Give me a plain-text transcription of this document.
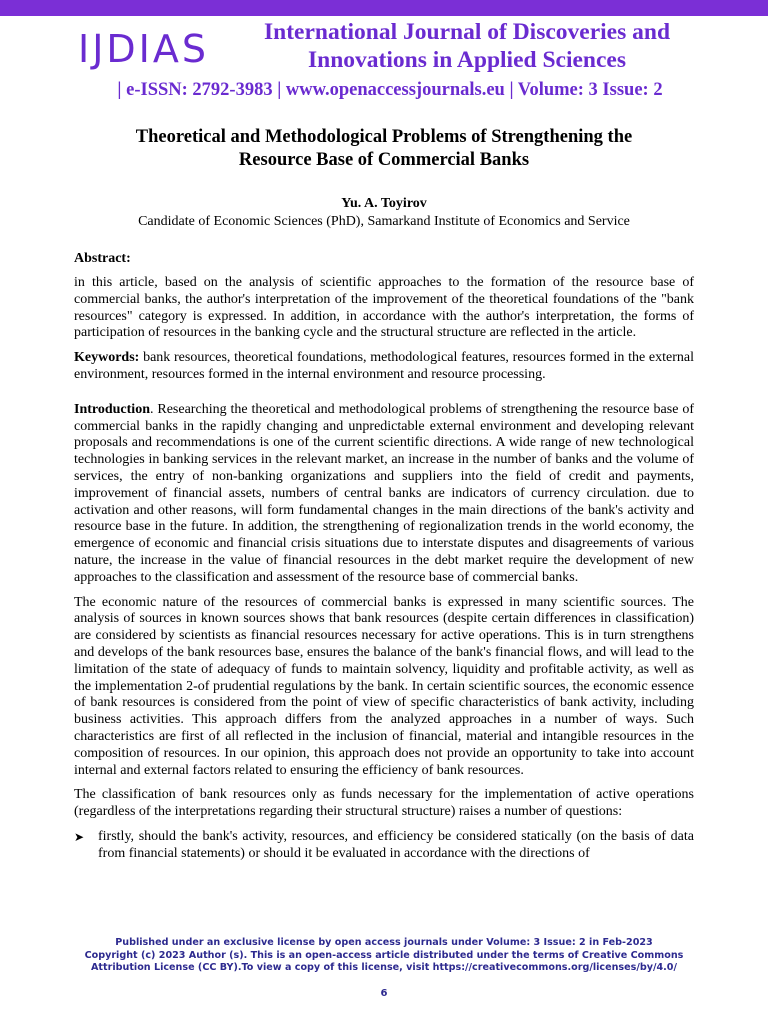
IJDIAS	International Journal of Discoveries and
Innovations in Applied Sciences
| e-ISSN: 2792-3983 | www.openaccessjournals.eu | Volume: 3 Issue: 2
Theoretical and Methodological Problems of Strengthening the
Resource Base of Commercial Banks
Yu. A. Toyirov
Candidate of Economic Sciences (PhD), Samarkand Institute of Economics and Service
Abstract:

in this article, based on the analysis of scientific approaches to the formation of the resource base of commercial banks, the author's interpretation of the improvement of the theoretical foundations of the "bank resources" category is expressed. In addition, in accordance with the author's interpretation, the forms of participation of resources in the banking cycle and the structural structure are reflected in the article.

Keywords: bank resources, theoretical foundations, methodological features, resources formed in the external environment, resources formed in the internal environment and resource processing.

Introduction. Researching the theoretical and methodological problems of strengthening the resource base of commercial banks in the rapidly changing and unpredictable external environment and developing relevant proposals and recommendations is one of the current scientific directions. A wide range of new technological technologies in banking services in the relevant market, an increase in the number of banks and the volume of services, the entry of non-banking organizations and suppliers into the field of credit and payments, improvement of financial assets, numbers of central banks are indicators of currency circulation. due to activation and other reasons, will form fundamental changes in the main directions of the bank's activity and resource base in the future. In addition, the strengthening of regionalization trends in the world economy, the emergence of economic and financial crisis situations due to interstate disputes and disagreements of various nature, the increase in the value of financial resources in the debt market require the development of new approaches to the classification and assessment of the resource base of commercial banks.

The economic nature of the resources of commercial banks is expressed in many scientific sources. The analysis of sources in known sources shows that bank resources (despite certain differences in classification) are considered by scientists as financial resources necessary for active operations. This is in turn strengthens and develops of the bank resources base, ensures the balance of the bank's financial flows, and will lead to the limitation of the state of adequacy of funds to maintain solvency, liquidity and profitable activity, as well as the implementation 2-of prudential regulations by the bank. In certain scientific sources, the economic essence of bank resources is considered from the point of view of specific characteristics of bank activity, including business activities. This approach differs from the analyzed approaches in a number of ways. Such characteristics are first of all reflected in the inclusion of financial, material and intangible resources in the composition of resources. In our opinion, this approach does not provide an opportunity to take into account internal and external factors related to ensuring the efficiency of bank resources.

The classification of bank resources only as funds necessary for the implementation of active operations (regardless of the interpretations regarding their structural structure) raises a number of questions:

➤ firstly, should the bank's activity, resources, and efficiency be considered statically (on the basis of data from financial statements) or should it be evaluated in accordance with the directions of

Published under an exclusive license by open access journals under Volume: 3 Issue: 2 in Feb-2023
Copyright (c) 2023 Author (s). This is an open-access article distributed under the terms of Creative Commons
Attribution License (CC BY).To view a copy of this license, visit https://creativecommons.org/licenses/by/4.0/
6
